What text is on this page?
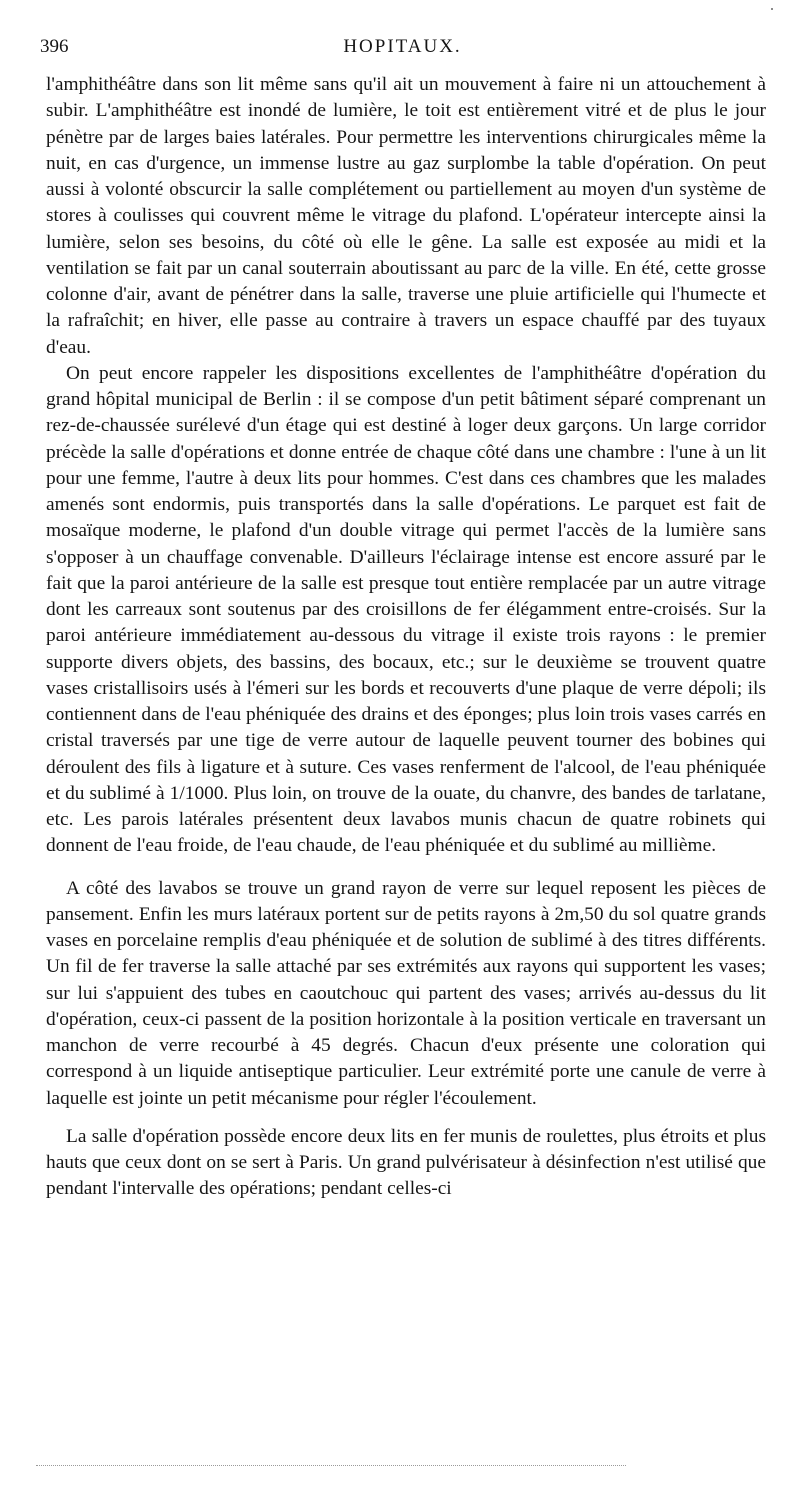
396	HOPITAUX.

l'amphithéâtre dans son lit même sans qu'il ait un mouvement à faire ni un attouchement à subir. L'amphithéâtre est inondé de lumière, le toit est entièrement vitré et de plus le jour pénètre par de larges baies latérales. Pour permettre les interventions chirurgicales même la nuit, en cas d'urgence, un immense lustre au gaz surplombe la table d'opération. On peut aussi à volonté obscurcir la salle complétement ou partiellement au moyen d'un système de stores à coulisses qui couvrent même le vitrage du plafond. L'opérateur intercepte ainsi la lumière, selon ses besoins, du côté où elle le gêne. La salle est exposée au midi et la ventilation se fait par un canal souterrain aboutissant au parc de la ville. En été, cette grosse colonne d'air, avant de pénétrer dans la salle, traverse une pluie artificielle qui l'humecte et la rafraîchit; en hiver, elle passe au contraire à travers un espace chauffé par des tuyaux d'eau.

On peut encore rappeler les dispositions excellentes de l'amphithéâtre d'opération du grand hôpital municipal de Berlin : il se compose d'un petit bâtiment séparé comprenant un rez-de-chaussée surélevé d'un étage qui est destiné à loger deux garçons. Un large corridor précède la salle d'opérations et donne entrée de chaque côté dans une chambre : l'une à un lit pour une femme, l'autre à deux lits pour hommes. C'est dans ces chambres que les malades amenés sont endormis, puis transportés dans la salle d'opérations. Le parquet est fait de mosaïque moderne, le plafond d'un double vitrage qui permet l'accès de la lumière sans s'opposer à un chauffage convenable. D'ailleurs l'éclairage intense est encore assuré par le fait que la paroi antérieure de la salle est presque tout entière remplacée par un autre vitrage dont les carreaux sont soutenus par des croisillons de fer élégamment entre-croisés. Sur la paroi antérieure immédiatement au-dessous du vitrage il existe trois rayons : le premier supporte divers objets, des bassins, des bocaux, etc.; sur le deuxième se trouvent quatre vases cristallisoirs usés à l'émeri sur les bords et recouverts d'une plaque de verre dépoli; ils contiennent dans de l'eau phéniquée des drains et des éponges; plus loin trois vases carrés en cristal traversés par une tige de verre autour de laquelle peuvent tourner des bobines qui déroulent des fils à ligature et à suture. Ces vases renferment de l'alcool, de l'eau phéniquée et du sublimé à 1/1000. Plus loin, on trouve de la ouate, du chanvre, des bandes de tarlatane, etc. Les parois latérales présentent deux lavabos munis chacun de quatre robinets qui donnent de l'eau froide, de l'eau chaude, de l'eau phéniquée et du sublimé au millième.

A côté des lavabos se trouve un grand rayon de verre sur lequel reposent les pièces de pansement. Enfin les murs latéraux portent sur de petits rayons à 2m,50 du sol quatre grands vases en porcelaine remplis d'eau phéniquée et de solution de sublimé à des titres différents. Un fil de fer traverse la salle attaché par ses extrémités aux rayons qui supportent les vases; sur lui s'appuient des tubes en caoutchouc qui partent des vases; arrivés au-dessus du lit d'opération, ceux-ci passent de la position horizontale à la position verticale en traversant un manchon de verre recourbé à 45 degrés. Chacun d'eux présente une coloration qui correspond à un liquide antiseptique particulier. Leur extrémité porte une canule de verre à laquelle est jointe un petit mécanisme pour régler l'écoulement.

La salle d'opération possède encore deux lits en fer munis de roulettes, plus étroits et plus hauts que ceux dont on se sert à Paris. Un grand pulvérisateur à désinfection n'est utilisé que pendant l'intervalle des opérations; pendant celles-ci
